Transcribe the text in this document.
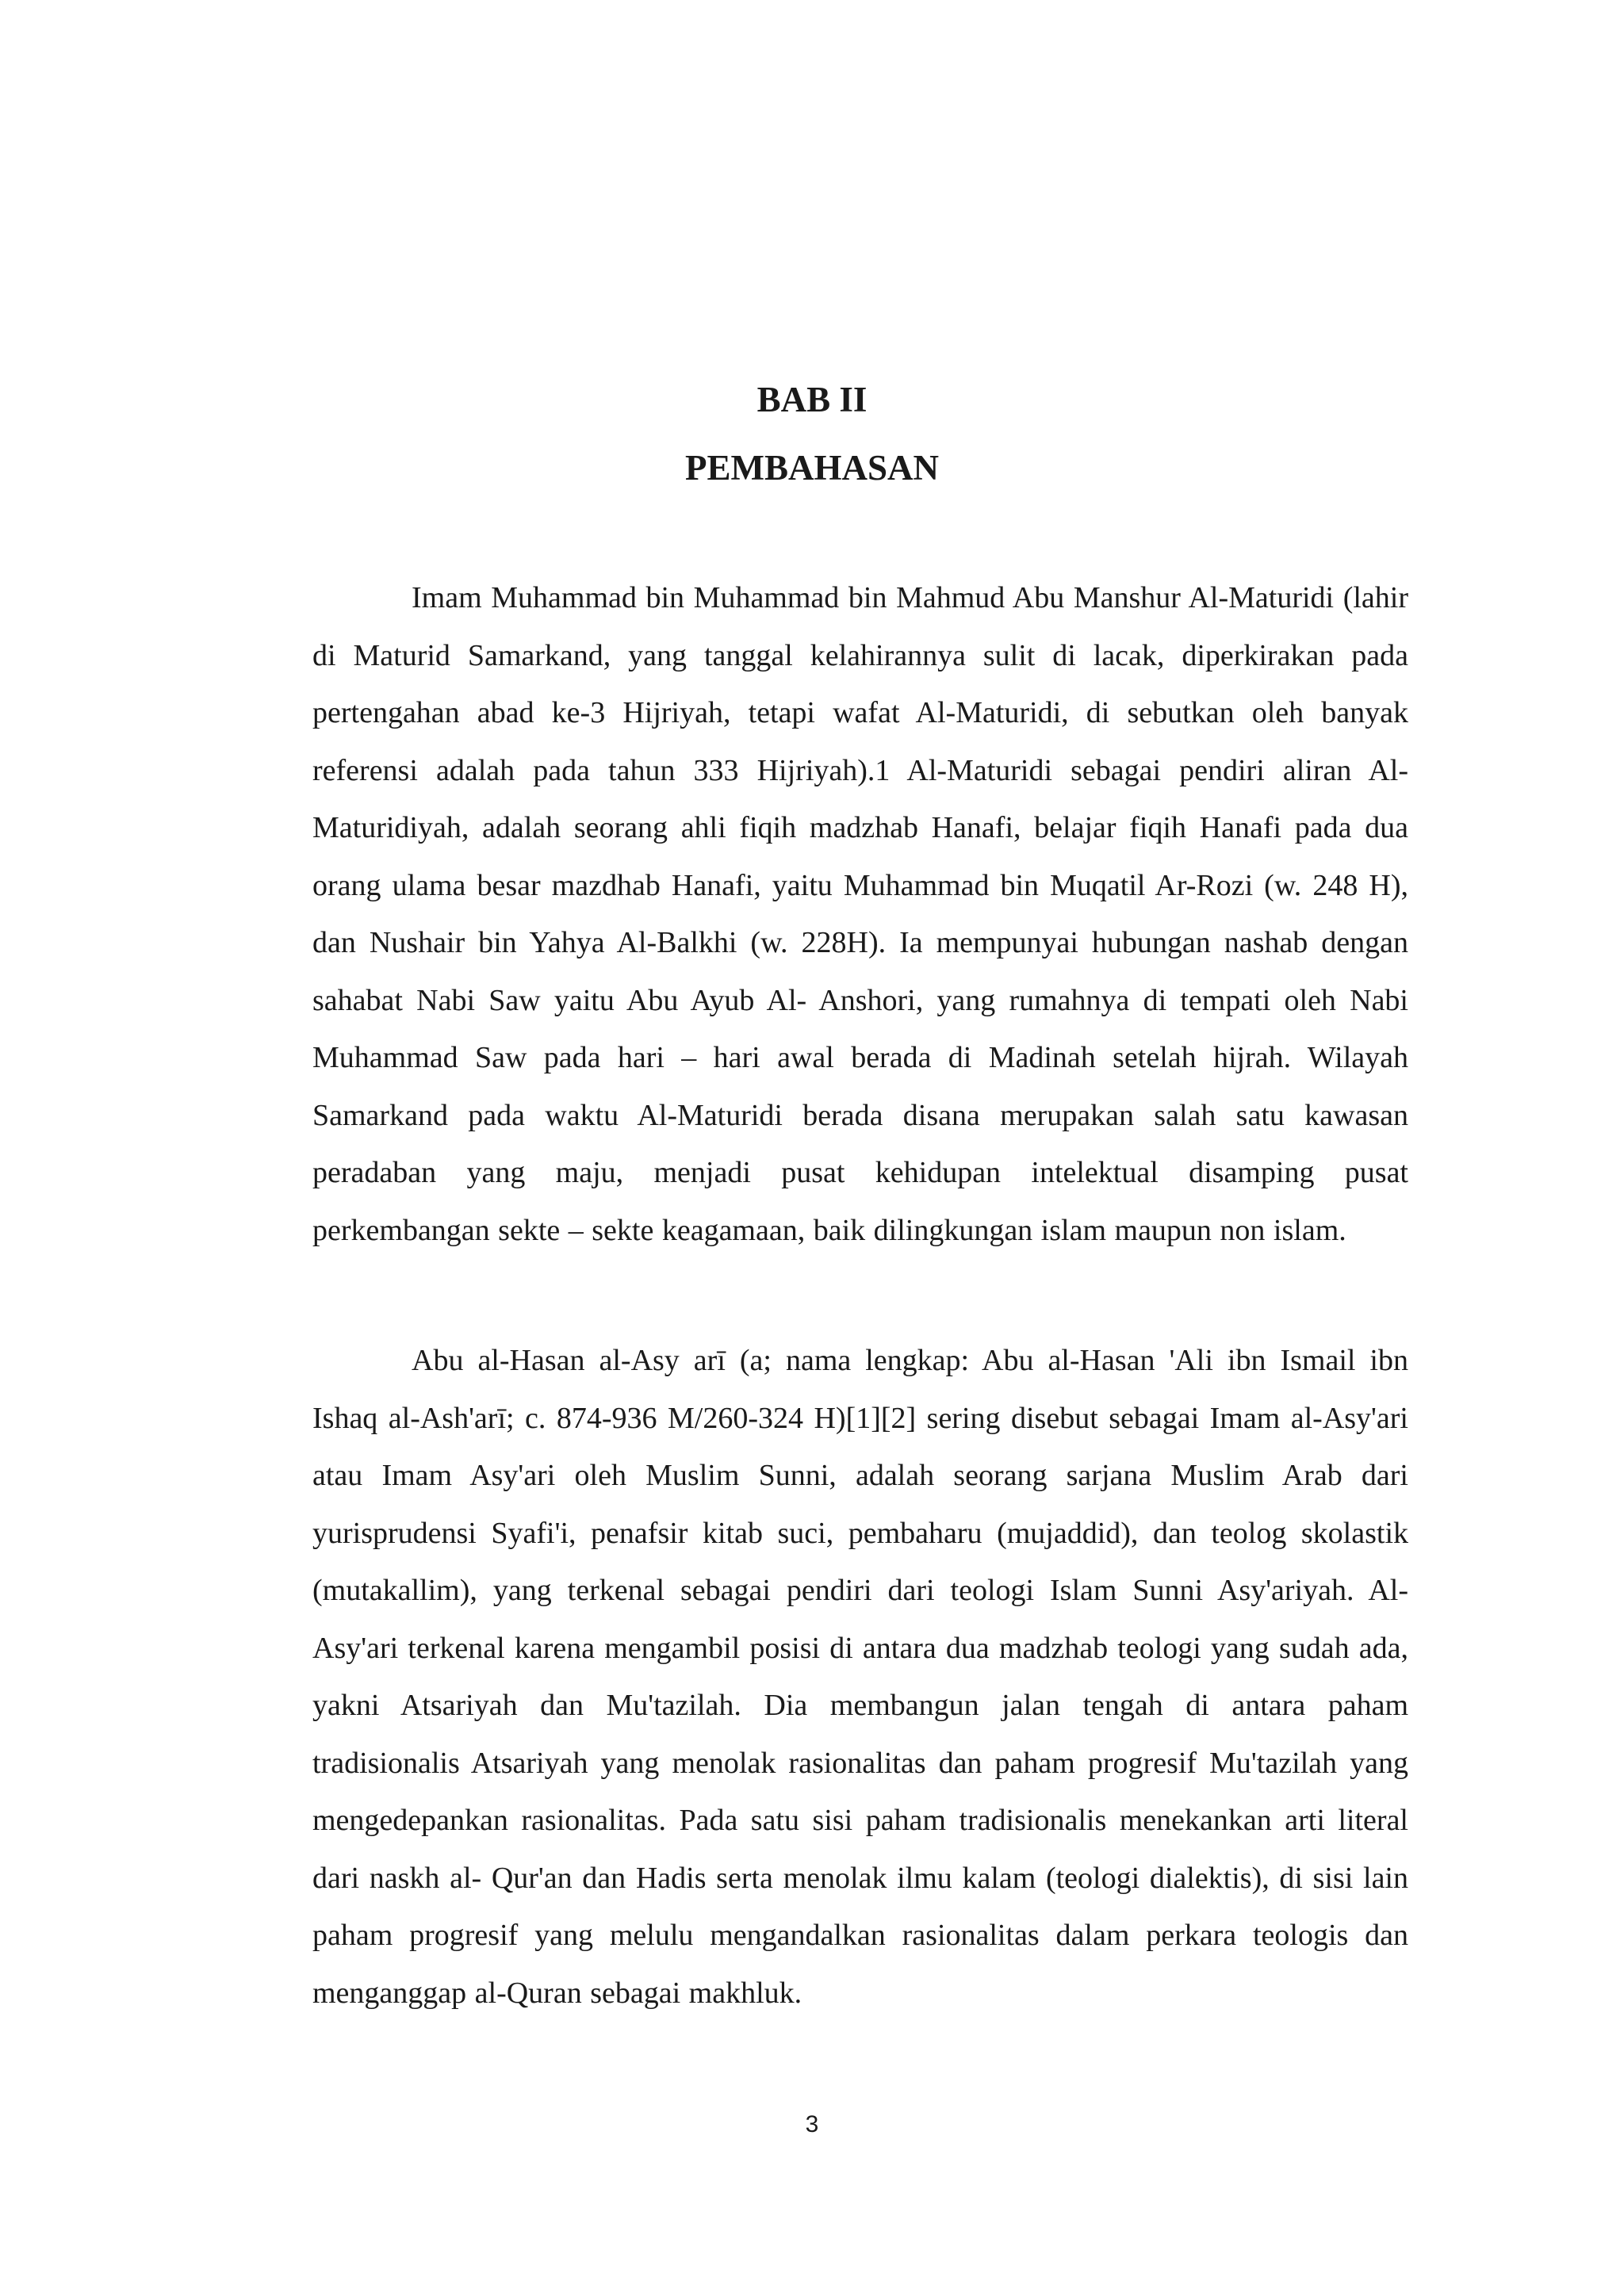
BAB II
PEMBAHASAN

Imam Muhammad bin Muhammad bin Mahmud Abu Manshur Al-Maturidi (lahir di Maturid Samarkand, yang tanggal kelahirannya sulit di lacak, diperkirakan pada pertengahan abad ke-3 Hijriyah, tetapi wafat Al-Maturidi, di sebutkan oleh banyak referensi adalah pada tahun 333 Hijriyah).1 Al-Maturidi sebagai pendiri aliran Al-Maturidiyah, adalah seorang ahli fiqih madzhab Hanafi, belajar fiqih Hanafi pada dua orang ulama besar mazdhab Hanafi, yaitu Muhammad bin Muqatil Ar-Rozi (w. 248 H), dan Nushair bin Yahya Al-Balkhi (w. 228H). Ia mempunyai hubungan nashab dengan sahabat Nabi Saw yaitu Abu Ayub Al- Anshori, yang rumahnya di tempati oleh Nabi Muhammad Saw pada hari – hari awal berada di Madinah setelah hijrah. Wilayah Samarkand pada waktu Al-Maturidi berada disana merupakan salah satu kawasan peradaban yang maju, menjadi pusat kehidupan intelektual disamping pusat perkembangan sekte – sekte keagamaan, baik dilingkungan islam maupun non islam.

Abu al-Hasan al-Asy arī (a; nama lengkap: Abu al-Hasan 'Ali ibn Ismail ibn Ishaq al-Ash'arī; c. 874-936 M/260-324 H)[1][2] sering disebut sebagai Imam al-Asy'ari atau Imam Asy'ari oleh Muslim Sunni, adalah seorang sarjana Muslim Arab dari yurisprudensi Syafi'i, penafsir kitab suci, pembaharu (mujaddid), dan teolog skolastik (mutakallim), yang terkenal sebagai pendiri dari teologi Islam Sunni Asy'ariyah. Al-Asy'ari terkenal karena mengambil posisi di antara dua madzhab teologi yang sudah ada, yakni Atsariyah dan Mu'tazilah. Dia membangun jalan tengah di antara paham tradisionalis Atsariyah yang menolak rasionalitas dan paham progresif Mu'tazilah yang mengedepankan rasionalitas. Pada satu sisi paham tradisionalis menekankan arti literal dari naskh al- Qur'an dan Hadis serta menolak ilmu kalam (teologi dialektis), di sisi lain paham progresif yang melulu mengandalkan rasionalitas dalam perkara teologis dan menganggap al-Quran sebagai makhluk.

3
